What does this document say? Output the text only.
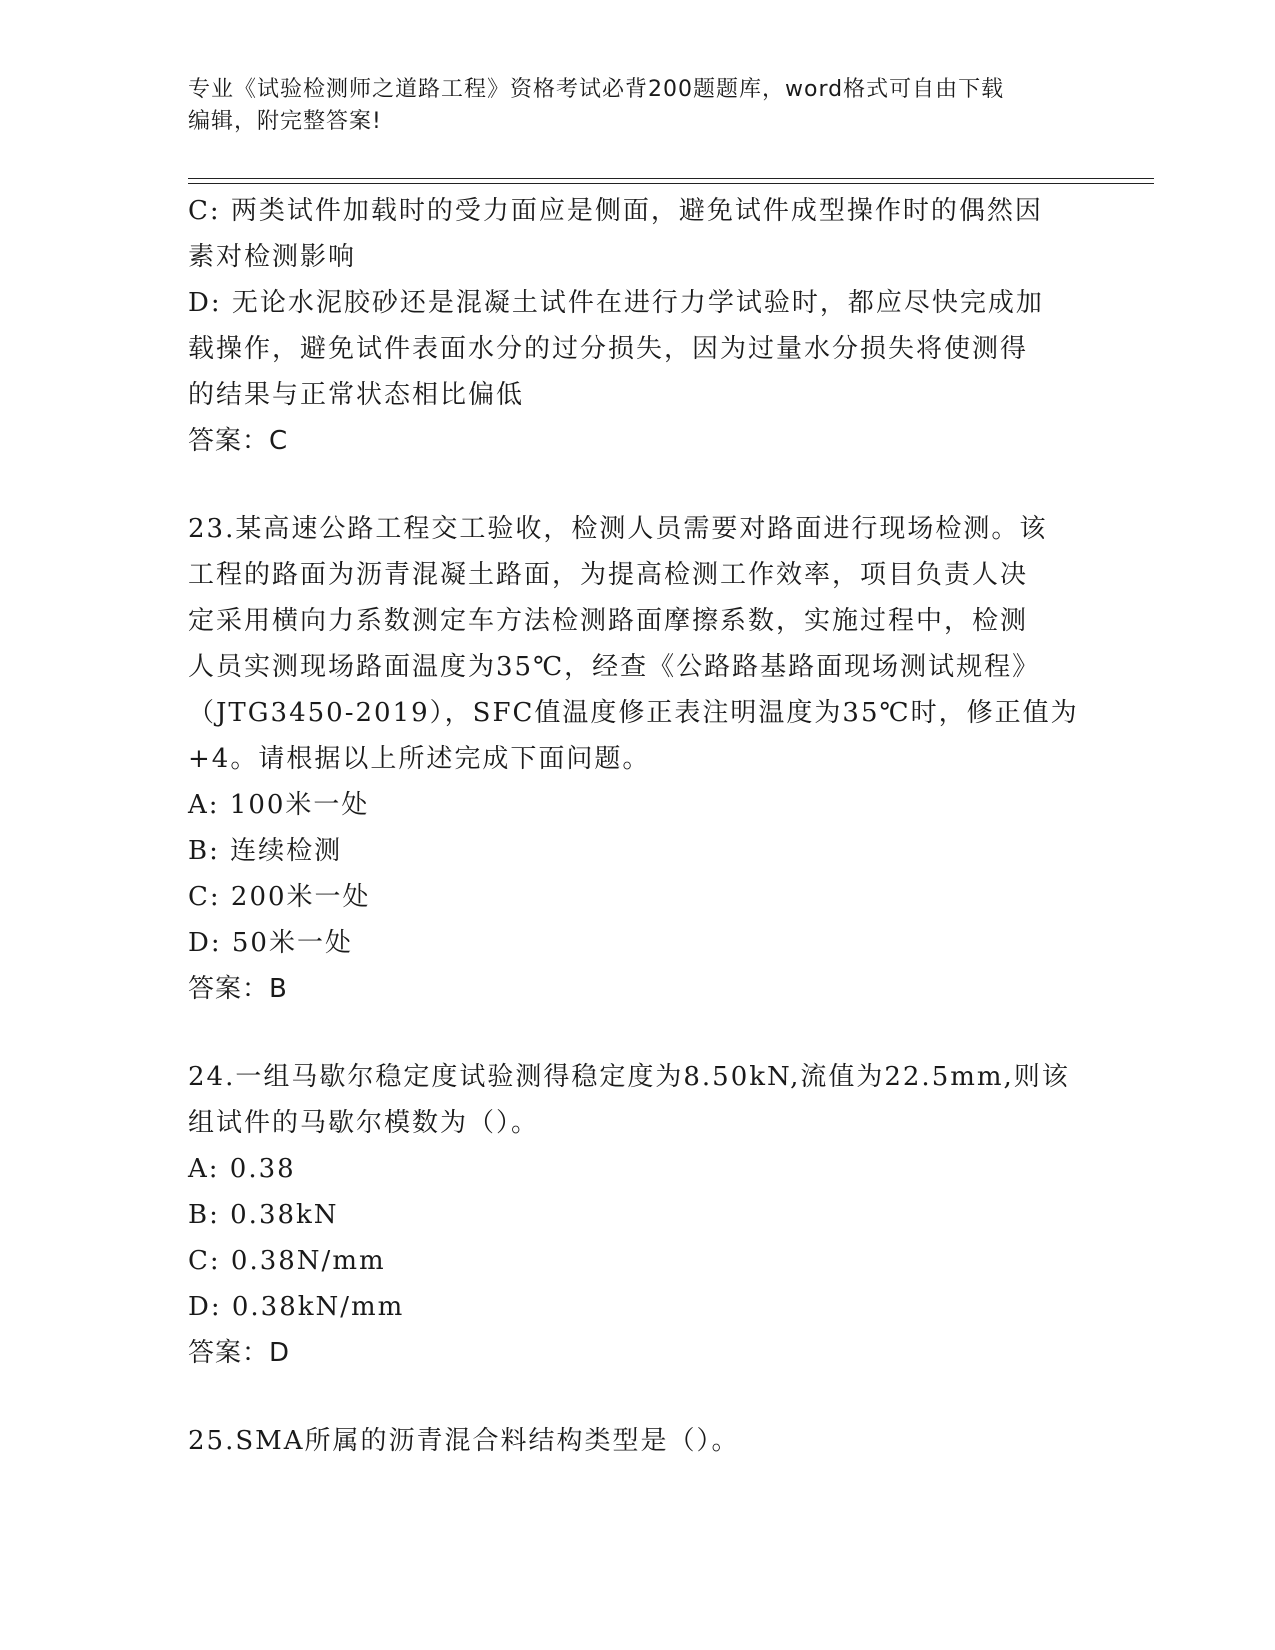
专业《试验检测师之道路工程》资格考试必背200题题库，word格式可自由下载
编辑，附完整答案!
C: 两类试件加载时的受力面应是侧面，避免试件成型操作时的偶然因
素对检测影响
D: 无论水泥胶砂还是混凝土试件在进行力学试验时，都应尽快完成加
载操作，避免试件表面水分的过分损失，因为过量水分损失将使测得
的结果与正常状态相比偏低
答案：C
23.某高速公路工程交工验收，检测人员需要对路面进行现场检测。该
工程的路面为沥青混凝土路面，为提高检测工作效率，项目负责人决
定采用横向力系数测定车方法检测路面摩擦系数，实施过程中，检测
人员实测现场路面温度为35℃，经查《公路路基路面现场测试规程》
（JTG3450-2019），SFC值温度修正表注明温度为35℃时，修正值为
+4。请根据以上所述完成下面问题。
A: 100米一处
B: 连续检测
C: 200米一处
D: 50米一处
答案：B
24.一组马歇尔稳定度试验测得稳定度为8.50kN,流值为22.5mm,则该
组试件的马歇尔模数为（）。
A: 0.38
B: 0.38kN
C: 0.38N/mm
D: 0.38kN/mm
答案：D
25.SMA所属的沥青混合料结构类型是（）。
